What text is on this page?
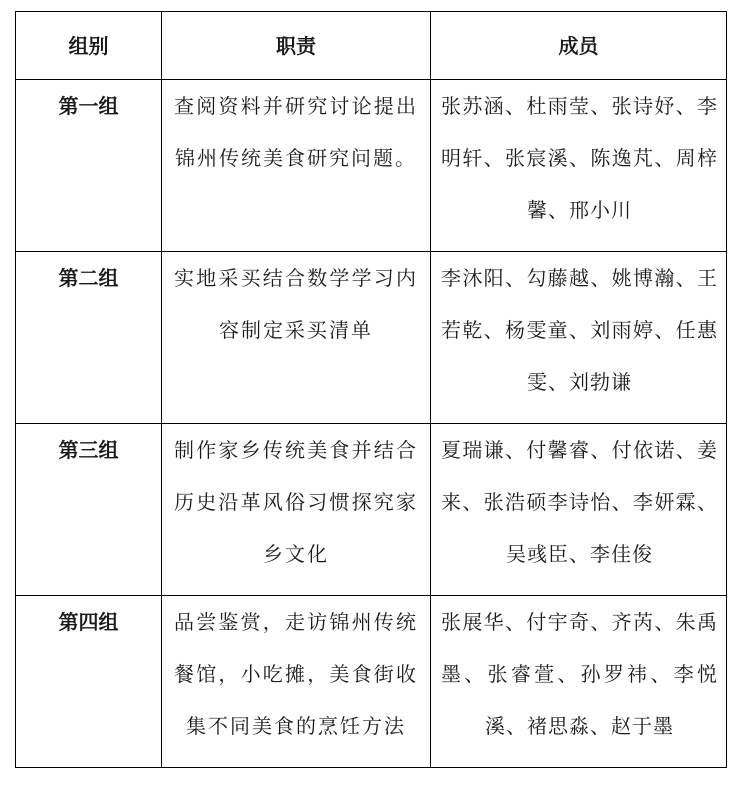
组别	职责	成员
第一组	查阅资料并研究讨论提出锦州传统美食研究问题。	张苏涵、杜雨莹、张诗妤、李明轩、张宸溪、陈逸芃、周梓馨、邢小川
第二组	实地采买结合数学学习内容制定采买清单	李沐阳、勾藤越、姚博瀚、王若乾、杨雯童、刘雨婷、任惠雯、刘勃谦
第三组	制作家乡传统美食并结合历史沿革风俗习惯探究家乡文化	夏瑞谦、付馨睿、付依诺、姜来、张浩硕李诗怡、李妍霖、吴彧臣、李佳俊
第四组	品尝鉴赏，走访锦州传统餐馆，小吃摊，美食街收集不同美食的烹饪方法	张展华、付宇奇、齐芮、朱禹墨、张睿萱、孙罗祎、李悦溪、褚思淼、赵于墨
